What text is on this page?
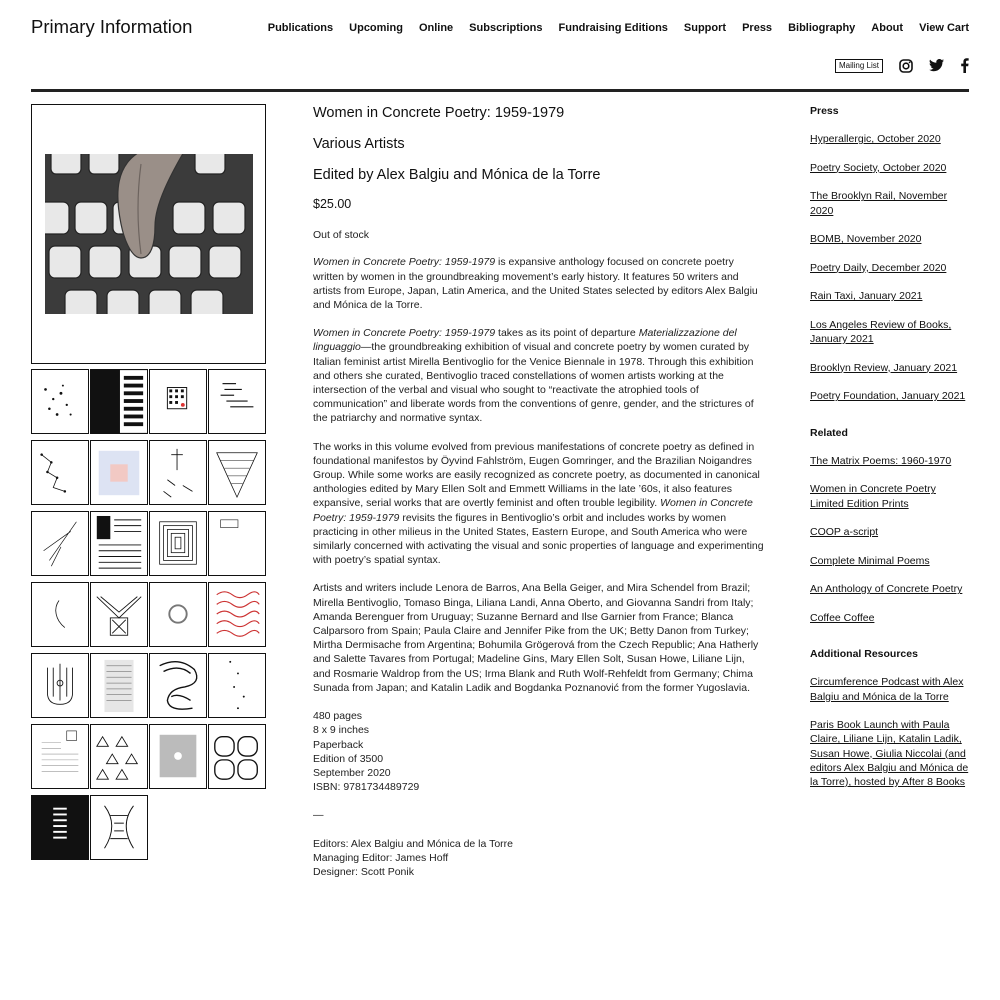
Primary Information	Publications Upcoming Online Subscriptions Fundraising Editions Support Press Bibliography About View Cart
Mailing List
Women in Concrete Poetry: 1959-1979
Various Artists
Edited by Alex Balgiu and Mónica de la Torre
$25.00
Out of stock

Women in Concrete Poetry: 1959-1979 is expansive anthology focused on concrete poetry written by women in the groundbreaking movement’s early history. It features 50 writers and artists from Europe, Japan, Latin America, and the United States selected by editors Alex Balgiu and Mónica de la Torre.

Women in Concrete Poetry: 1959-1979 takes as its point of departure Materializzazione del linguaggio—the groundbreaking exhibition of visual and concrete poetry by women curated by Italian feminist artist Mirella Bentivoglio for the Venice Biennale in 1978. Through this exhibition and others she curated, Bentivoglio traced constellations of women artists working at the intersection of the verbal and visual who sought to “reactivate the atrophied tools of communication” and liberate words from the conventions of genre, gender, and the strictures of the patriarchy and normative syntax.

The works in this volume evolved from previous manifestations of concrete poetry as defined in foundational manifestos by Öyvind Fahlström, Eugen Gomringer, and the Brazilian Noigandres Group. While some works are easily recognized as concrete poetry, as documented in canonical anthologies edited by Mary Ellen Solt and Emmett Williams in the late ’60s, it also features expansive, serial works that are overtly feminist and often trouble legibility. Women in Concrete Poetry: 1959-1979 revisits the figures in Bentivoglio’s orbit and includes works by women practicing in other milieus in the United States, Eastern Europe, and South America who were similarly concerned with activating the visual and sonic properties of language and experimenting with poetry’s spatial syntax.

Artists and writers include Lenora de Barros, Ana Bella Geiger, and Mira Schendel from Brazil; Mirella Bentivoglio, Tomaso Binga, Liliana Landi, Anna Oberto, and Giovanna Sandri from Italy; Amanda Berenguer from Uruguay; Suzanne Bernard and Ilse Garnier from France; Blanca Calparsoro from Spain; Paula Claire and Jennifer Pike from the UK; Betty Danon from Turkey; Mirtha Dermisache from Argentina; Bohumila Grögerová from the Czech Republic; Ana Hatherly and Salette Tavares from Portugal; Madeline Gins, Mary Ellen Solt, Susan Howe, Liliane Lijn, and Rosmarie Waldrop from the US; Irma Blank and Ruth Wolf-Rehfeldt from Germany; Chima Sunada from Japan; and Katalin Ladik and Bogdanka Poznanović from the former Yugoslavia.

480 pages
8 x 9 inches
Paperback
Edition of 3500
September 2020
ISBN: 9781734489729

—

Editors: Alex Balgiu and Mónica de la Torre
Managing Editor: James Hoff
Designer: Scott Ponik

Press
Hyperallergic, October 2020
Poetry Society, October 2020
The Brooklyn Rail, November 2020
BOMB, November 2020
Poetry Daily, December 2020
Rain Taxi, January 2021
Los Angeles Review of Books, January 2021
Brooklyn Review, January 2021
Poetry Foundation, January 2021
Related
The Matrix Poems: 1960-1970
Women in Concrete Poetry Limited Edition Prints
COOP a-script
Complete Minimal Poems
An Anthology of Concrete Poetry
Coffee Coffee
Additional Resources
Circumference Podcast with Alex Balgiu and Mónica de la Torre
Paris Book Launch with Paula Claire, Liliane Lijn, Katalin Ladik, Susan Howe, Giulia Niccolai (and editors Alex Balgiu and Mónica de la Torre), hosted by After 8 Books
